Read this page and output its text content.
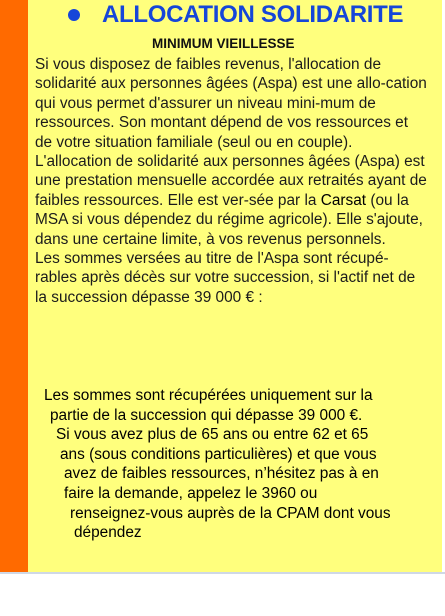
ALLOCATION SOLIDARITE
MINIMUM VIEILLESSE

Si vous disposez de faibles revenus, l'allocation de solidarité aux personnes âgées (Aspa) est une allo-cation qui vous permet d'assurer un niveau mini-mum de ressources. Son montant dépend de vos ressources et de votre situation familiale (seul ou en couple).

L'allocation de solidarité aux personnes âgées (Aspa) est une prestation mensuelle accordée aux retraités ayant de faibles ressources. Elle est ver-sée par la Carsat (ou la MSA si vous dépendez du régime agricole). Elle s'ajoute, dans une certaine limite, à vos revenus personnels.

Les sommes versées au titre de l'Aspa sont récupé-rables après décès sur votre succession, si l'actif net de la succession dépasse 39 000 € :

Les sommes sont récupérées uniquement sur la
partie de la succession qui dépasse 39 000 €.
Si vous avez plus de 65 ans ou entre 62 et 65
ans (sous conditions particulières) et que vous
avez de faibles ressources, n’hésitez pas à en
faire la demande, appelez le 3960 ou
renseignez-vous auprès de la CPAM dont vous
dépendez
